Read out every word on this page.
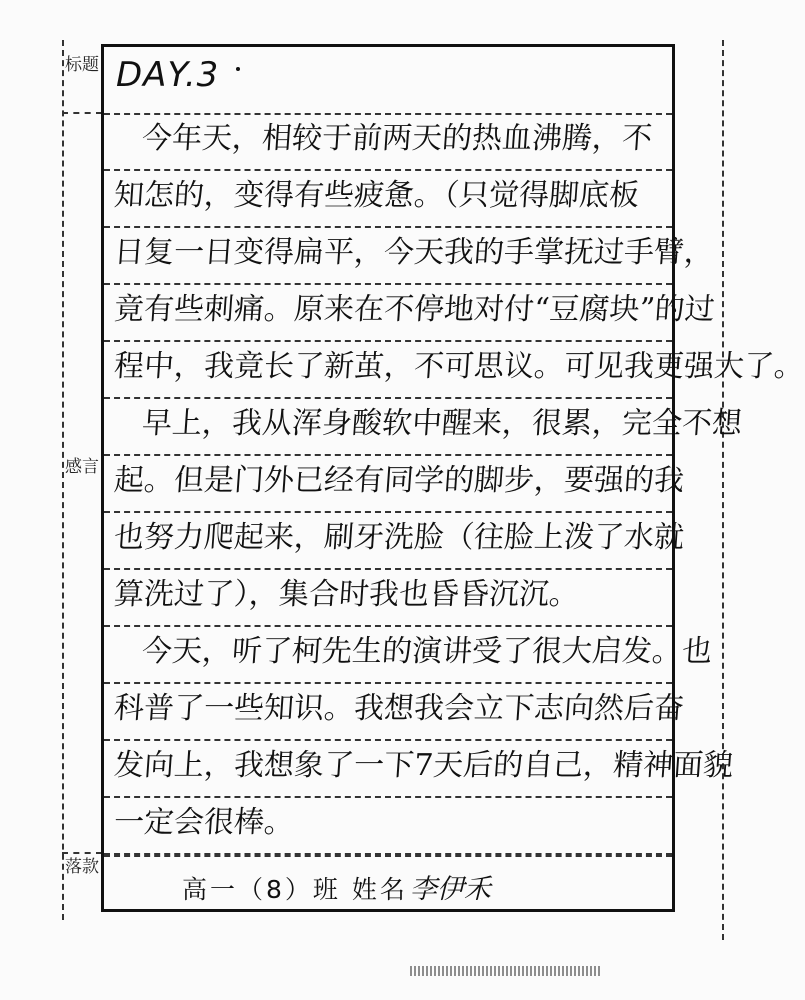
标题
感言
落款
DAY.3
今年天，相较于前两天的热血沸腾，不
知怎的，变得有些疲惫。（只觉得脚底板
日复一日变得扁平，今天我的手掌抚过手臂，
竟有些刺痛。原来在不停地对付“豆腐块”的过
程中，我竟长了新茧，不可思议。可见我更强大了。
早上，我从浑身酸软中醒来，很累，完全不想
起。但是门外已经有同学的脚步，要强的我
也努力爬起来，刷牙洗脸（往脸上泼了水就
算洗过了），集合时我也昏昏沉沉。
今天，听了柯先生的演讲受了很大启发。也
科普了一些知识。我想我会立下志向然后奋
发向上，我想象了一下7天后的自己，精神面貌
一定会很棒。
高一（8）班 姓名李伊禾
